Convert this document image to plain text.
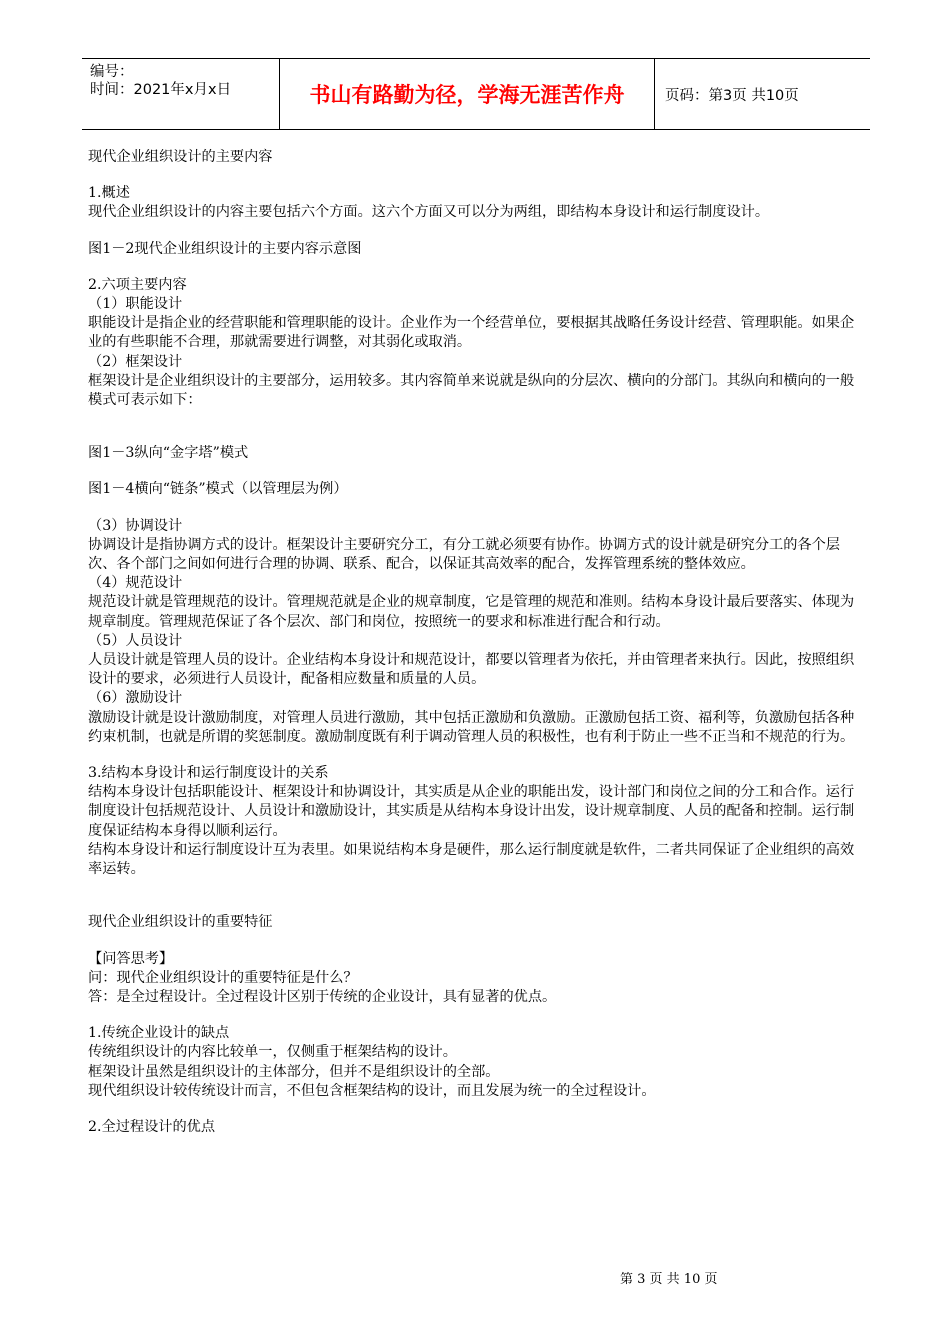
编号：
时间：2021年x月x日	书山有路勤为径，学海无涯苦作舟	页码：第3页 共10页

现代企业组织设计的主要内容

1.概述

现代企业组织设计的内容主要包括六个方面。这六个方面又可以分为两组，即结构本身设计和运行制度设计。

图1－2现代企业组织设计的主要内容示意图

2.六项主要内容

（1）职能设计

职能设计是指企业的经营职能和管理职能的设计。企业作为一个经营单位，要根据其战略任务设计经营、管理职能。如果企业的有些职能不合理，那就需要进行调整，对其弱化或取消。

（2）框架设计

框架设计是企业组织设计的主要部分，运用较多。其内容简单来说就是纵向的分层次、横向的分部门。其纵向和横向的一般模式可表示如下：

图1－3纵向“金字塔”模式

图1－4横向“链条”模式（以管理层为例）

（3）协调设计

协调设计是指协调方式的设计。框架设计主要研究分工，有分工就必须要有协作。协调方式的设计就是研究分工的各个层次、各个部门之间如何进行合理的协调、联系、配合，以保证其高效率的配合，发挥管理系统的整体效应。

（4）规范设计

规范设计就是管理规范的设计。管理规范就是企业的规章制度，它是管理的规范和准则。结构本身设计最后要落实、体现为规章制度。管理规范保证了各个层次、部门和岗位，按照统一的要求和标准进行配合和行动。

（5）人员设计

人员设计就是管理人员的设计。企业结构本身设计和规范设计，都要以管理者为依托，并由管理者来执行。因此，按照组织设计的要求，必须进行人员设计，配备相应数量和质量的人员。

（6）激励设计

激励设计就是设计激励制度，对管理人员进行激励，其中包括正激励和负激励。正激励包括工资、福利等，负激励包括各种约束机制，也就是所谓的奖惩制度。激励制度既有利于调动管理人员的积极性，也有利于防止一些不正当和不规范的行为。

3.结构本身设计和运行制度设计的关系

结构本身设计包括职能设计、框架设计和协调设计，其实质是从企业的职能出发，设计部门和岗位之间的分工和合作。运行制度设计包括规范设计、人员设计和激励设计，其实质是从结构本身设计出发，设计规章制度、人员的配备和控制。运行制度保证结构本身得以顺利运行。

结构本身设计和运行制度设计互为表里。如果说结构本身是硬件，那么运行制度就是软件，二者共同保证了企业组织的高效率运转。

现代企业组织设计的重要特征

【问答思考】

问：现代企业组织设计的重要特征是什么？

答：是全过程设计。全过程设计区别于传统的企业设计，具有显著的优点。

1.传统企业设计的缺点

传统组织设计的内容比较单一，仅侧重于框架结构的设计。

框架设计虽然是组织设计的主体部分，但并不是组织设计的全部。

现代组织设计较传统设计而言，不但包含框架结构的设计，而且发展为统一的全过程设计。

2.全过程设计的优点

第 3 页 共 10 页
